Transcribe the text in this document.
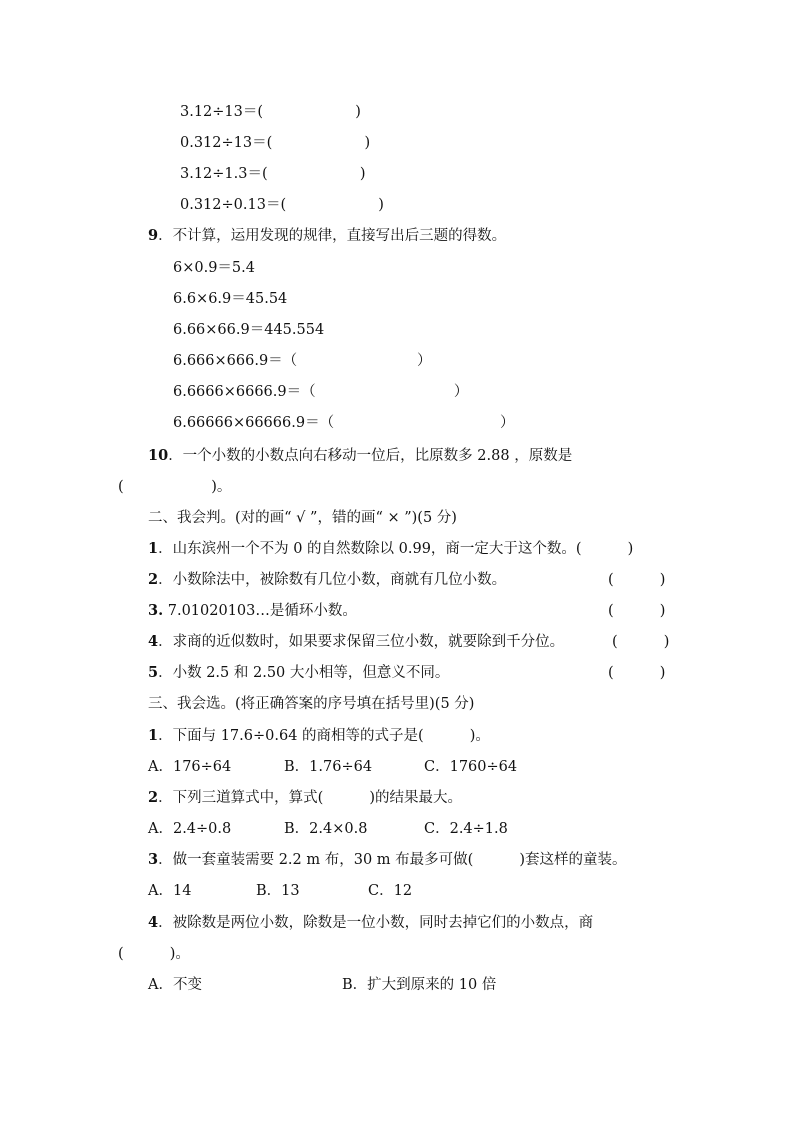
3.12÷13＝(                    )
0.312÷13＝(                    )
3.12÷1.3＝(                    )
0.312÷0.13＝(                    )
9．不计算，运用发现的规律，直接写出后三题的得数。
6×0.9＝5.4
6.6×6.9＝45.54
6.66×66.9＝445.554
6.666×666.9＝（                          ）
6.6666×6666.9＝（                              ）
6.66666×66666.9＝（                                    ）
10．一个小数的小数点向右移动一位后，比原数多 2.88 ，原数是
(                   )。
二、我会判。(对的画“ √ ”，错的画“ × ”)(5 分)
1．山东滨州一个不为 0 的自然数除以 0.99，商一定大于这个数。(          )
2．小数除法中，被除数有几位小数，商就有几位小数。	(          )
3. 7.01020103…是循环小数。	(          )
4．求商的近似数时，如果要求保留三位小数，就要除到千分位。	(          )
5．小数 2.5 和 2.50 大小相等，但意义不同。	(          )
三、我会选。(将正确答案的序号填在括号里)(5 分)
1．下面与 17.6÷0.64 的商相等的式子是(          )。
A．176÷64	B．1.76÷64	C．1760÷64
2．下列三道算式中，算式(          )的结果最大。
A．2.4÷0.8	B．2.4×0.8	C．2.4÷1.8
3．做一套童装需要 2.2 m 布，30 m 布最多可做(          )套这样的童装。
A．14	B．13	C．12
4．被除数是两位小数，除数是一位小数，同时去掉它们的小数点，商
(          )。
A．不变	B．扩大到原来的 10 倍
